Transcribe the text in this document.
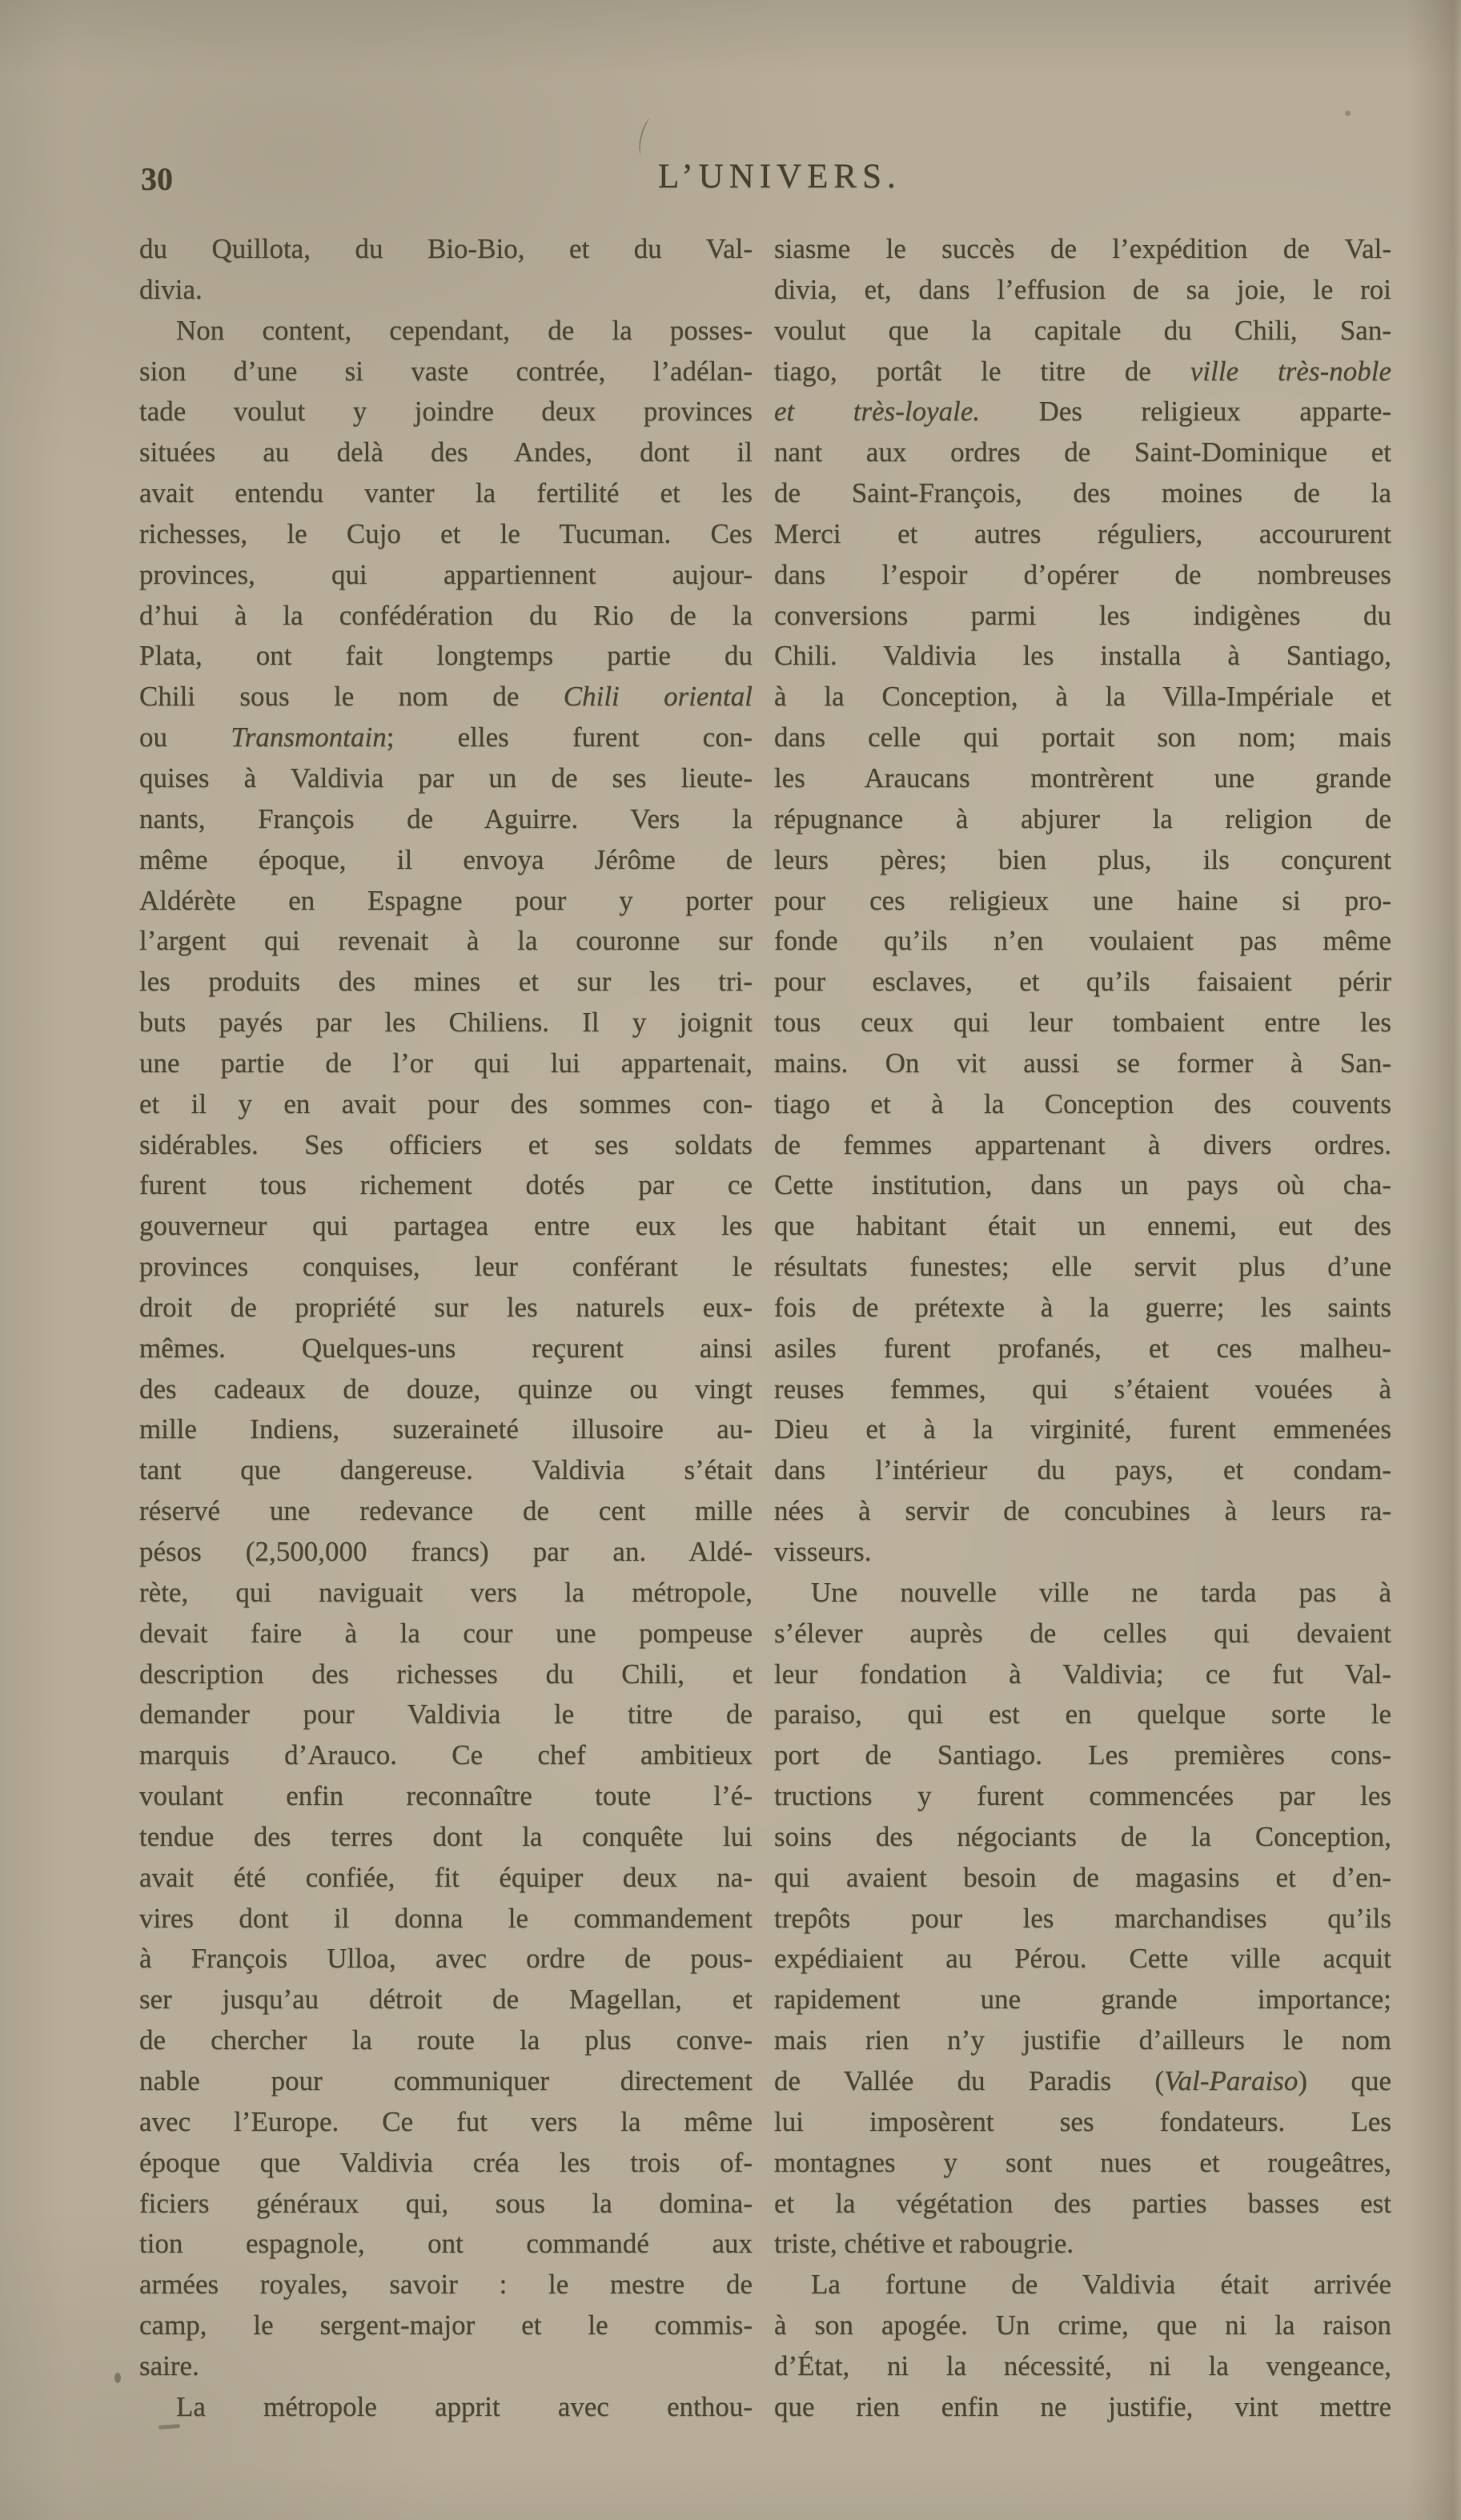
30	L’UNIVERS.
du Quillota, du Bio-Bio, et du Val-
divia.
Non content, cependant, de la posses-
sion d’une si vaste contrée, l’adélan-
tade voulut y joindre deux provinces
situées au delà des Andes, dont il
avait entendu vanter la fertilité et les
richesses, le Cujo et le Tucuman. Ces
provinces, qui appartiennent aujour-
d’hui à la confédération du Rio de la
Plata, ont fait longtemps partie du
Chili sous le nom de Chili oriental
ou Transmontain; elles furent con-
quises à Valdivia par un de ses lieute-
nants, François de Aguirre. Vers la
même époque, il envoya Jérôme de
Aldérète en Espagne pour y porter
l’argent qui revenait à la couronne sur
les produits des mines et sur les tri-
buts payés par les Chiliens. Il y joignit
une partie de l’or qui lui appartenait,
et il y en avait pour des sommes con-
sidérables. Ses officiers et ses soldats
furent tous richement dotés par ce
gouverneur qui partagea entre eux les
provinces conquises, leur conférant le
droit de propriété sur les naturels eux-
mêmes. Quelques-uns reçurent ainsi
des cadeaux de douze, quinze ou vingt
mille Indiens, suzeraineté illusoire au-
tant que dangereuse. Valdivia s’était
réservé une redevance de cent mille
pésos (2,500,000 francs) par an. Aldé-
rète, qui naviguait vers la métropole,
devait faire à la cour une pompeuse
description des richesses du Chili, et
demander pour Valdivia le titre de
marquis d’Arauco. Ce chef ambitieux
voulant enfin reconnaître toute l’é-
tendue des terres dont la conquête lui
avait été confiée, fit équiper deux na-
vires dont il donna le commandement
à François Ulloa, avec ordre de pous-
ser jusqu’au détroit de Magellan, et
de chercher la route la plus conve-
nable pour communiquer directement
avec l’Europe. Ce fut vers la même
époque que Valdivia créa les trois of-
ficiers généraux qui, sous la domina-
tion espagnole, ont commandé aux
armées royales, savoir : le mestre de
camp, le sergent-major et le commis-
saire.
La métropole apprit avec enthou-
siasme le succès de l’expédition de Val-
divia, et, dans l’effusion de sa joie, le roi
voulut que la capitale du Chili, San-
tiago, portât le titre de ville très-noble
et très-loyale. Des religieux apparte-
nant aux ordres de Saint-Dominique et
de Saint-François, des moines de la
Merci et autres réguliers, accoururent
dans l’espoir d’opérer de nombreuses
conversions parmi les indigènes du
Chili. Valdivia les installa à Santiago,
à la Conception, à la Villa-Impériale et
dans celle qui portait son nom; mais
les Araucans montrèrent une grande
répugnance à abjurer la religion de
leurs pères; bien plus, ils conçurent
pour ces religieux une haine si pro-
fonde qu’ils n’en voulaient pas même
pour esclaves, et qu’ils faisaient périr
tous ceux qui leur tombaient entre les
mains. On vit aussi se former à San-
tiago et à la Conception des couvents
de femmes appartenant à divers ordres.
Cette institution, dans un pays où cha-
que habitant était un ennemi, eut des
résultats funestes; elle servit plus d’une
fois de prétexte à la guerre; les saints
asiles furent profanés, et ces malheu-
reuses femmes, qui s’étaient vouées à
Dieu et à la virginité, furent emmenées
dans l’intérieur du pays, et condam-
nées à servir de concubines à leurs ra-
visseurs.
Une nouvelle ville ne tarda pas à
s’élever auprès de celles qui devaient
leur fondation à Valdivia; ce fut Val-
paraiso, qui est en quelque sorte le
port de Santiago. Les premières cons-
tructions y furent commencées par les
soins des négociants de la Conception,
qui avaient besoin de magasins et d’en-
trepôts pour les marchandises qu’ils
expédiaient au Pérou. Cette ville acquit
rapidement une grande importance;
mais rien n’y justifie d’ailleurs le nom
de Vallée du Paradis (Val-Paraiso) que
lui imposèrent ses fondateurs. Les
montagnes y sont nues et rougeâtres,
et la végétation des parties basses est
triste, chétive et rabougrie.
La fortune de Valdivia était arrivée
à son apogée. Un crime, que ni la raison
d’État, ni la nécessité, ni la vengeance,
que rien enfin ne justifie, vint mettre
